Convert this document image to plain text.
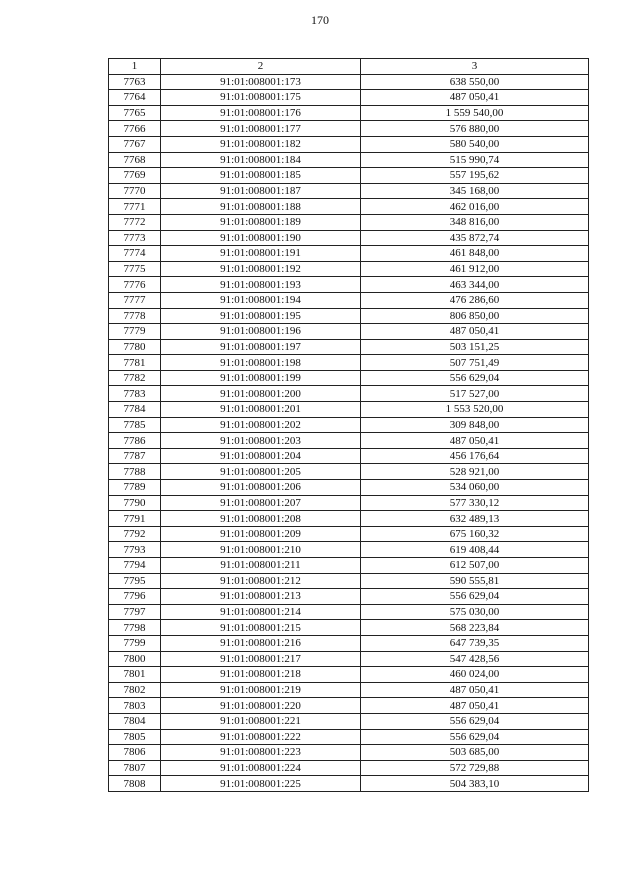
170
1	2	3
7763	91:01:008001:173	638 550,00
7764	91:01:008001:175	487 050,41
7765	91:01:008001:176	1 559 540,00
7766	91:01:008001:177	576 880,00
7767	91:01:008001:182	580 540,00
7768	91:01:008001:184	515 990,74
7769	91:01:008001:185	557 195,62
7770	91:01:008001:187	345 168,00
7771	91:01:008001:188	462 016,00
7772	91:01:008001:189	348 816,00
7773	91:01:008001:190	435 872,74
7774	91:01:008001:191	461 848,00
7775	91:01:008001:192	461 912,00
7776	91:01:008001:193	463 344,00
7777	91:01:008001:194	476 286,60
7778	91:01:008001:195	806 850,00
7779	91:01:008001:196	487 050,41
7780	91:01:008001:197	503 151,25
7781	91:01:008001:198	507 751,49
7782	91:01:008001:199	556 629,04
7783	91:01:008001:200	517 527,00
7784	91:01:008001:201	1 553 520,00
7785	91:01:008001:202	309 848,00
7786	91:01:008001:203	487 050,41
7787	91:01:008001:204	456 176,64
7788	91:01:008001:205	528 921,00
7789	91:01:008001:206	534 060,00
7790	91:01:008001:207	577 330,12
7791	91:01:008001:208	632 489,13
7792	91:01:008001:209	675 160,32
7793	91:01:008001:210	619 408,44
7794	91:01:008001:211	612 507,00
7795	91:01:008001:212	590 555,81
7796	91:01:008001:213	556 629,04
7797	91:01:008001:214	575 030,00
7798	91:01:008001:215	568 223,84
7799	91:01:008001:216	647 739,35
7800	91:01:008001:217	547 428,56
7801	91:01:008001:218	460 024,00
7802	91:01:008001:219	487 050,41
7803	91:01:008001:220	487 050,41
7804	91:01:008001:221	556 629,04
7805	91:01:008001:222	556 629,04
7806	91:01:008001:223	503 685,00
7807	91:01:008001:224	572 729,88
7808	91:01:008001:225	504 383,10
